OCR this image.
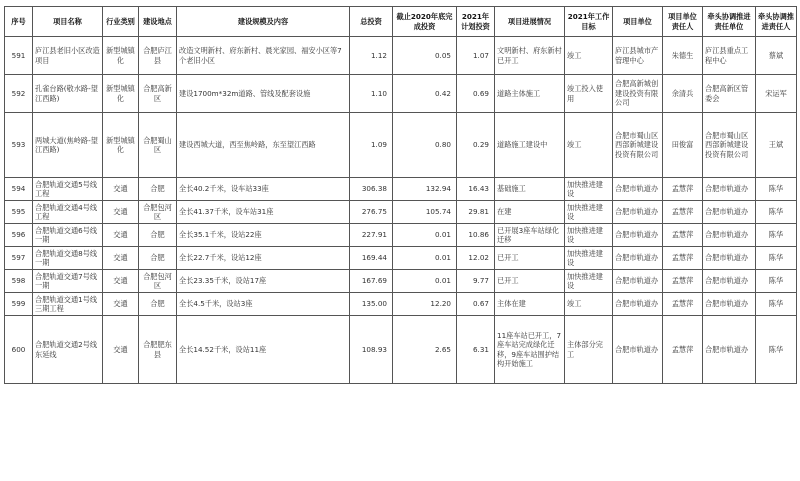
序号	项目名称	行业类别	建设地点	建设规模及内容	总投资	截止2020年底完成投资	2021年计划投资	项目进展情况	2021年工作目标	项目单位	项目单位责任人	牵头协调推进责任单位	牵头协调推进责任人
591	庐江县老旧小区改造项目	新型城镇化	合肥庐江县	改造文明新村、府东新村、晨光家园、福安小区等7个老旧小区	1.12	0.05	1.07	文明新村、府东新村已开工	竣工	庐江县城市产管理中心	朱德生	庐江县重点工程中心	蔡斌
592	孔雀台路(敬水路-望江西路)	新型城镇化	合肥高新区	建设1700m*32m道路、管线及配套设施	1.10	0.42	0.69	道路主体施工	竣工投入使用	合肥高新城创建设投资有限公司	余清兵	合肥高新区管委会	宋运军
593	两城大道(焦岭路-望江西路)	新型城镇化	合肥蜀山区	建设西城大道，西至焦岭路，东至望江西路	1.09	0.80	0.29	道路施工建设中	竣工	合肥市蜀山区西部新城建设投资有限公司	田俊富	合肥市蜀山区西部新城建设投资有限公司	王斌
594	合肥轨道交通5号线工程	交通	合肥	全长40.2千米，设车站33座	306.38	132.94	16.43	基础施工	加快推进建设	合肥市轨道办	孟慧萍	合肥市轨道办	陈华
595	合肥轨道交通4号线工程	交通	合肥包河区	全长41.37千米，设车站31座	276.75	105.74	29.81	在建	加快推进建设	合肥市轨道办	孟慧萍	合肥市轨道办	陈华
596	合肥轨道交通6号线一期	交通	合肥	全长35.1千米，设站22座	227.91	0.01	10.86	已开展3座车站绿化迁移	加快推进建设	合肥市轨道办	孟慧萍	合肥市轨道办	陈华
597	合肥轨道交通8号线一期	交通	合肥	全长22.7千米，设站12座	169.44	0.01	12.02	已开工	加快推进建设	合肥市轨道办	孟慧萍	合肥市轨道办	陈华
598	合肥轨道交通7号线一期	交通	合肥包河区	全长23.35千米，设站17座	167.69	0.01	9.77	已开工	加快推进建设	合肥市轨道办	孟慧萍	合肥市轨道办	陈华
599	合肥轨道交通1号线三期工程	交通	合肥	全长4.5千米，设站3座	135.00	12.20	0.67	主体在建	竣工	合肥市轨道办	孟慧萍	合肥市轨道办	陈华
600	合肥轨道交通2号线东延线	交通	合肥肥东县	全长14.52千米，设站11座	108.93	2.65	6.31	11座车站已开工，7座车站完成绿化迁移，9座车站围护结构开始施工	主体部分完工	合肥市轨道办	孟慧萍	合肥市轨道办	陈华
